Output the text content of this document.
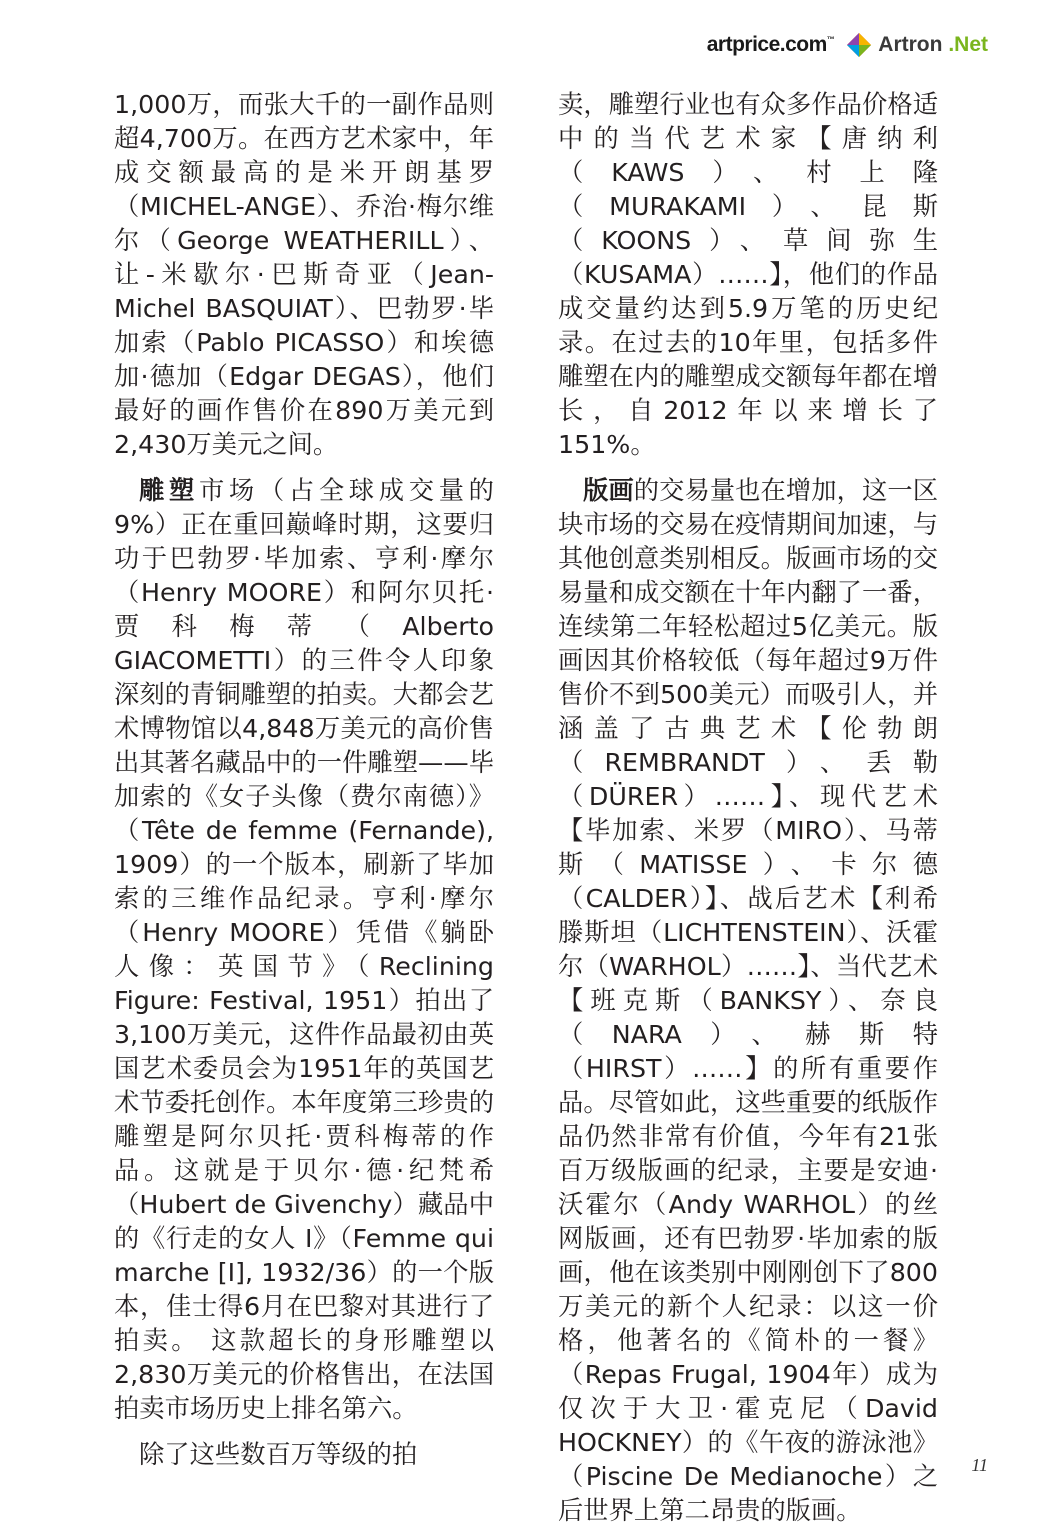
artprice.com™ Artron .Net

1,000万，而张大千的一副作品则超4,700万。在西方艺术家中，年成交额最高的是米开朗基罗（MICHEL-ANGE）、乔治·梅尔维尔（George WEATHERILL）、让-米歇尔·巴斯奇亚（Jean-Michel BASQUIAT）、巴勃罗·毕加索（Pablo PICASSO）和埃德加·德加（Edgar DEGAS），他们最好的画作售价在890万美元到2,430万美元之间。

雕塑市场（占全球成交量的9%）正在重回巅峰时期，这要归功于巴勃罗·毕加索、亨利·摩尔（Henry MOORE）和阿尔贝托·贾科梅蒂（Alberto GIACOMETTI）的三件令人印象深刻的青铜雕塑的拍卖。大都会艺术博物馆以4,848万美元的高价售出其著名藏品中的一件雕塑——毕加索的《女子头像（费尔南德）》（Tête de femme (Fernande), 1909）的一个版本，刷新了毕加索的三维作品纪录。亨利·摩尔（Henry MOORE）凭借《躺卧人像：英国节》（Reclining Figure: Festival, 1951）拍出了3,100万美元，这件作品最初由英国艺术委员会为1951年的英国艺术节委托创作。本年度第三珍贵的雕塑是阿尔贝托·贾科梅蒂的作品。这就是于贝尔·德·纪梵希（Hubert de Givenchy）藏品中的《行走的女人 I》（Femme qui marche [I], 1932/36）的一个版本，佳士得6月在巴黎对其进行了拍卖。 这款超长的身形雕塑以2,830万美元的价格售出，在法国拍卖市场历史上排名第六。

除了这些数百万等级的拍

卖，雕塑行业也有众多作品价格适中的当代艺术家【唐纳利（KAWS）、村上隆（MURAKAMI）、昆斯（KOONS）、草间弥生（KUSAMA）……】，他们的作品成交量约达到5.9万笔的历史纪录。在过去的10年里，包括多件雕塑在内的雕塑成交额每年都在增长，自2012年以来增长了151%。

版画的交易量也在增加，这一区块市场的交易在疫情期间加速，与其他创意类别相反。版画市场的交易量和成交额在十年内翻了一番，连续第二年轻松超过5亿美元。版画因其价格较低（每年超过9万件售价不到500美元）而吸引人，并涵盖了古典艺术【伦勃朗（REMBRANDT）、丢勒（DÜRER）……】、现代艺术【毕加索、米罗（MIRO）、马蒂斯（MATISSE）、卡尔德（CALDER）】、战后艺术【利希滕斯坦（LICHTENSTEIN）、沃霍尔（WARHOL）……】、当代艺术【班克斯（BANKSY）、奈良（NARA）、赫斯特（HIRST）……】的所有重要作品。尽管如此，这些重要的纸版作品仍然非常有价值，今年有21张百万级版画的纪录，主要是安迪·沃霍尔（Andy WARHOL）的丝网版画，还有巴勃罗·毕加索的版画，他在该类别中刚刚创下了800万美元的新个人纪录：以这一价格，他著名的《简朴的一餐》（Repas Frugal, 1904年）成为仅次于大卫·霍克尼（David HOCKNEY）的《午夜的游泳池》（Piscine De Medianoche）之后世界上第二昂贵的版画。

11
